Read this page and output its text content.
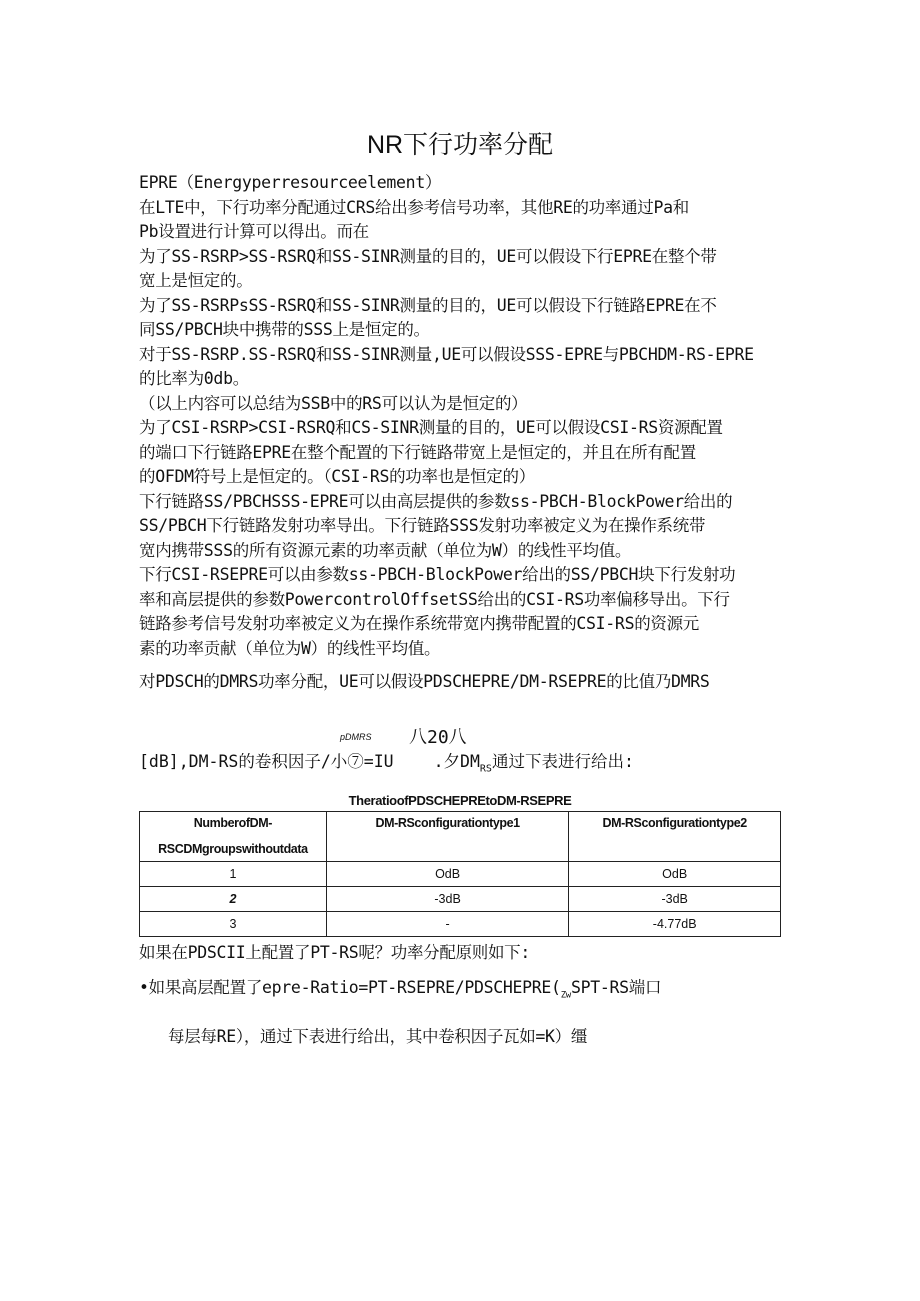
NR下行功率分配
EPRE（Energyperresourceelement）
在LTE中，下行功率分配通过CRS给出参考信号功率，其他RE的功率通过Pa和
Pb设置进行计算可以得出。而在
为了SS-RSRP>SS-RSRQ和SS-SINR测量的目的，UE可以假设下行EPRE在整个带
宽上是恒定的。
为了SS-RSRPsSS-RSRQ和SS-SINR测量的目的，UE可以假设下行链路EPRE在不
同SS/PBCH块中携带的SSS上是恒定的。
对于SS-RSRP.SS-RSRQ和SS-SINR测量,UE可以假设SSS-EPRE与PBCHDM-RS-EPRE
的比率为0db。
（以上内容可以总结为SSB中的RS可以认为是恒定的）
为了CSI-RSRP>CSI-RSRQ和CS-SINR测量的目的，UE可以假设CSI-RS资源配置
的端口下行链路EPRE在整个配置的下行链路带宽上是恒定的，并且在所有配置
的OFDM符号上是恒定的。（CSI-RS的功率也是恒定的）
下行链路SS/PBCHSSS-EPRE可以由高层提供的参数ss-PBCH-BlockPower给出的
SS/PBCH下行链路发射功率导出。下行链路SSS发射功率被定义为在操作系统带
宽内携带SSS的所有资源元素的功率贡献（单位为W）的线性平均值。
下行CSI-RSEPRE可以由参数ss-PBCH-BlockPower给出的SS/PBCH块下行发射功
率和高层提供的参数PowercontrolOffsetSS给出的CSI-RS功率偏移导出。下行
链路参考信号发射功率被定义为在操作系统带宽内携带配置的CSI-RS的资源元
素的功率贡献（单位为W）的线性平均值。
对PDSCH的DMRS功率分配，UE可以假设PDSCHEPRE/DM-RSEPRE的比值乃DMRS
pDMRS 八20八
[dB],DM-RS的卷积因子/小⑦=IU .夕$DM_{RS}$通过下表进行给出:
TheratioofPDSCHEPREtoDM-RSEPRE
NumberofDM-
RSCDMgroupswithoutdata	DM-RSconfigurationtype1	DM-RSconfigurationtype2

1	OdB	OdB
2	-3dB	-3dB
3	-	-4.77dB
如果在PDSCII上配置了PT-RS呢？功率分配原则如下:
•如果高层配置了epre-$Ratio=PT-RSEPRE/PDSCHEPRE(_{Zw}SPT-RS$端口
每层每RE），通过下表进行给出，其中卷积因子瓦如=K）缰
